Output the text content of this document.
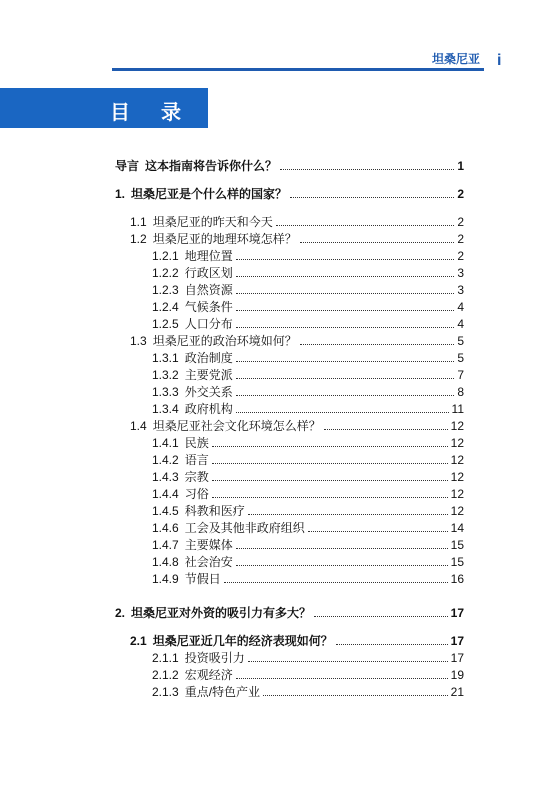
坦桑尼亚 i
目 录
导言 这本指南将告诉你什么？	1
1. 坦桑尼亚是个什么样的国家？	2
1.1 坦桑尼亚的昨天和今天	2
1.2 坦桑尼亚的地理环境怎样？	2
1.2.1 地理位置	2
1.2.2 行政区划	3
1.2.3 自然资源	3
1.2.4 气候条件	4
1.2.5 人口分布	4
1.3 坦桑尼亚的政治环境如何？	5
1.3.1 政治制度	5
1.3.2 主要党派	7
1.3.3 外交关系	8
1.3.4 政府机构	11
1.4 坦桑尼亚社会文化环境怎么样？	12
1.4.1 民族	12
1.4.2 语言	12
1.4.3 宗教	12
1.4.4 习俗	12
1.4.5 科教和医疗	12
1.4.6 工会及其他非政府组织	14
1.4.7 主要媒体	15
1.4.8 社会治安	15
1.4.9 节假日	16
2. 坦桑尼亚对外资的吸引力有多大？	17
2.1 坦桑尼亚近几年的经济表现如何？	17
2.1.1 投资吸引力	17
2.1.2 宏观经济	19
2.1.3 重点/特色产业	21
